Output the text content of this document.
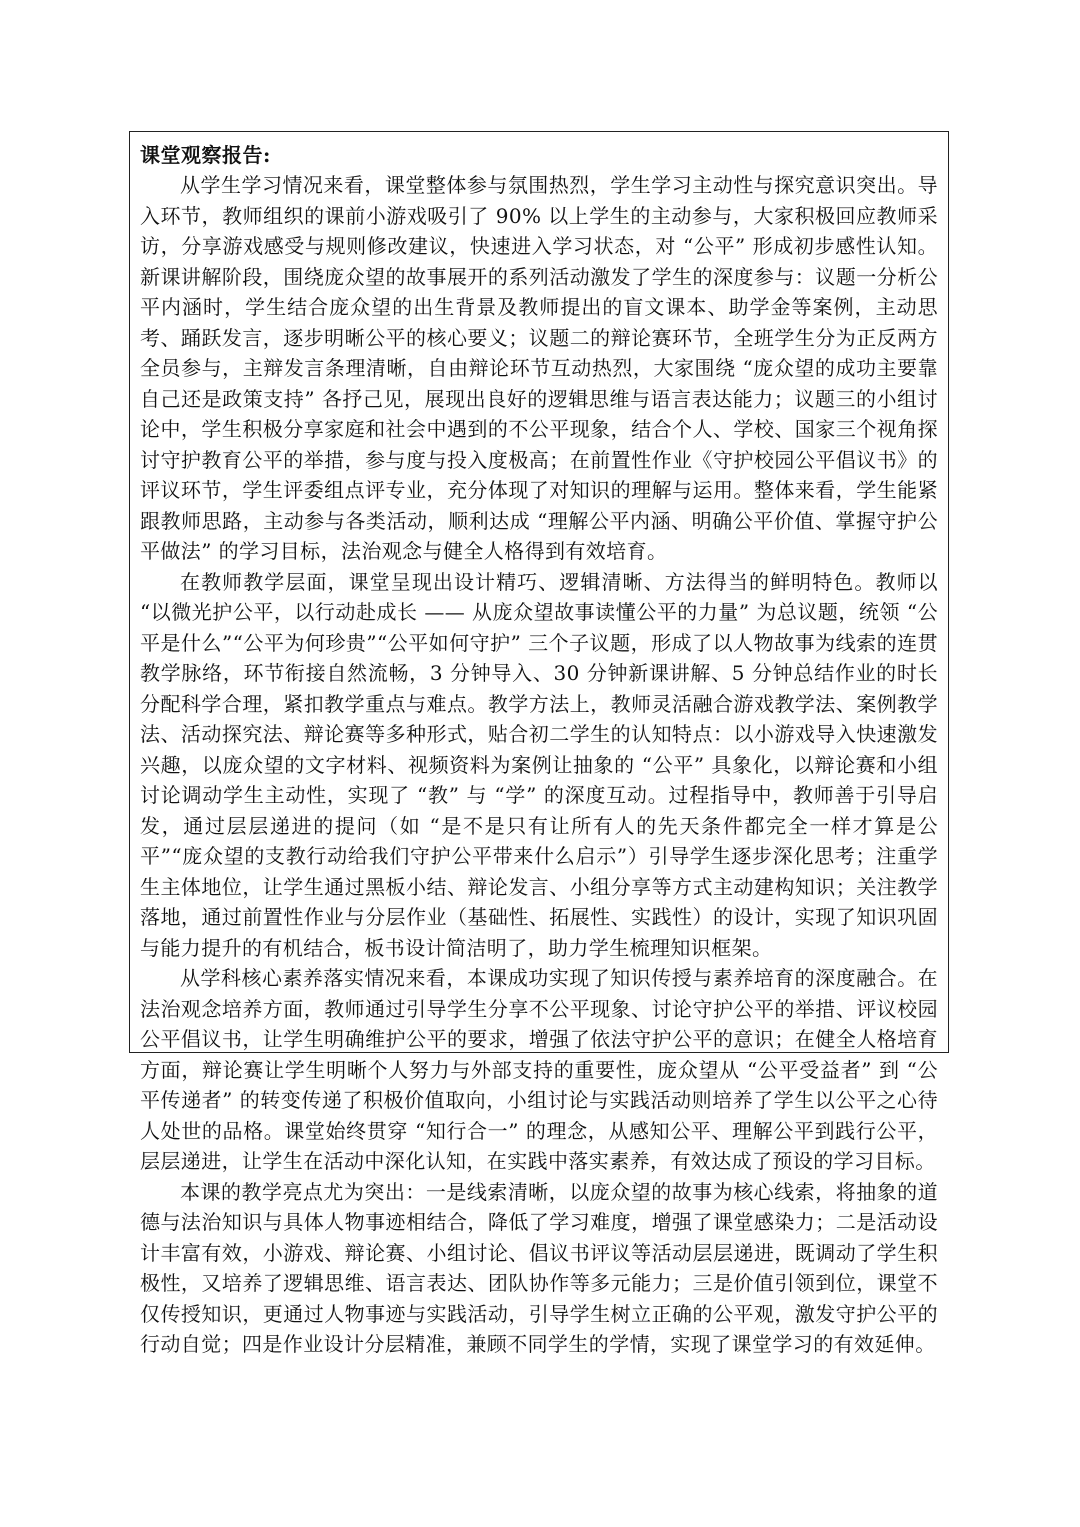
课堂观察报告:

从学生学习情况来看，课堂整体参与氛围热烈，学生学习主动性与探究意识突出。导入环节，教师组织的课前小游戏吸引了 90% 以上学生的主动参与，大家积极回应教师采访，分享游戏感受与规则修改建议，快速进入学习状态，对 “公平” 形成初步感性认知。新课讲解阶段，围绕庞众望的故事展开的系列活动激发了学生的深度参与：议题一分析公平内涵时，学生结合庞众望的出生背景及教师提出的盲文课本、助学金等案例，主动思考、踊跃发言，逐步明晰公平的核心要义；议题二的辩论赛环节，全班学生分为正反两方全员参与，主辩发言条理清晰，自由辩论环节互动热烈，大家围绕 “庞众望的成功主要靠自己还是政策支持” 各抒己见，展现出良好的逻辑思维与语言表达能力；议题三的小组讨论中，学生积极分享家庭和社会中遇到的不公平现象，结合个人、学校、国家三个视角探讨守护教育公平的举措，参与度与投入度极高；在前置性作业《守护校园公平倡议书》的评议环节，学生评委组点评专业，充分体现了对知识的理解与运用。整体来看，学生能紧跟教师思路，主动参与各类活动，顺利达成 “理解公平内涵、明确公平价值、掌握守护公平做法” 的学习目标，法治观念与健全人格得到有效培育。

在教师教学层面，课堂呈现出设计精巧、逻辑清晰、方法得当的鲜明特色。教师以 “以微光护公平，以行动赴成长 —— 从庞众望故事读懂公平的力量” 为总议题，统领 “公平是什么”“公平为何珍贵”“公平如何守护” 三个子议题，形成了以人物故事为线索的连贯教学脉络，环节衔接自然流畅，3 分钟导入、30 分钟新课讲解、5 分钟总结作业的时长分配科学合理，紧扣教学重点与难点。教学方法上，教师灵活融合游戏教学法、案例教学法、活动探究法、辩论赛等多种形式，贴合初二学生的认知特点：以小游戏导入快速激发兴趣，以庞众望的文字材料、视频资料为案例让抽象的 “公平” 具象化，以辩论赛和小组讨论调动学生主动性，实现了 “教” 与 “学” 的深度互动。过程指导中，教师善于引导启发，通过层层递进的提问（如 “是不是只有让所有人的先天条件都完全一样才算是公平”“庞众望的支教行动给我们守护公平带来什么启示”）引导学生逐步深化思考；注重学生主体地位，让学生通过黑板小结、辩论发言、小组分享等方式主动建构知识；关注教学落地，通过前置性作业与分层作业（基础性、拓展性、实践性）的设计，实现了知识巩固与能力提升的有机结合，板书设计简洁明了，助力学生梳理知识框架。

从学科核心素养落实情况来看，本课成功实现了知识传授与素养培育的深度融合。在法治观念培养方面，教师通过引导学生分享不公平现象、讨论守护公平的举措、评议校园公平倡议书，让学生明确维护公平的要求，增强了依法守护公平的意识；在健全人格培育方面，辩论赛让学生明晰个人努力与外部支持的重要性，庞众望从 “公平受益者” 到 “公平传递者” 的转变传递了积极价值取向，小组讨论与实践活动则培养了学生以公平之心待人处世的品格。课堂始终贯穿 “知行合一” 的理念，从感知公平、理解公平到践行公平，层层递进，让学生在活动中深化认知，在实践中落实素养，有效达成了预设的学习目标。

本课的教学亮点尤为突出：一是线索清晰，以庞众望的故事为核心线索，将抽象的道德与法治知识与具体人物事迹相结合，降低了学习难度，增强了课堂感染力；二是活动设计丰富有效，小游戏、辩论赛、小组讨论、倡议书评议等活动层层递进，既调动了学生积极性，又培养了逻辑思维、语言表达、团队协作等多元能力；三是价值引领到位，课堂不仅传授知识，更通过人物事迹与实践活动，引导学生树立正确的公平观，激发守护公平的行动自觉；四是作业设计分层精准，兼顾不同学生的学情，实现了课堂学习的有效延伸。
